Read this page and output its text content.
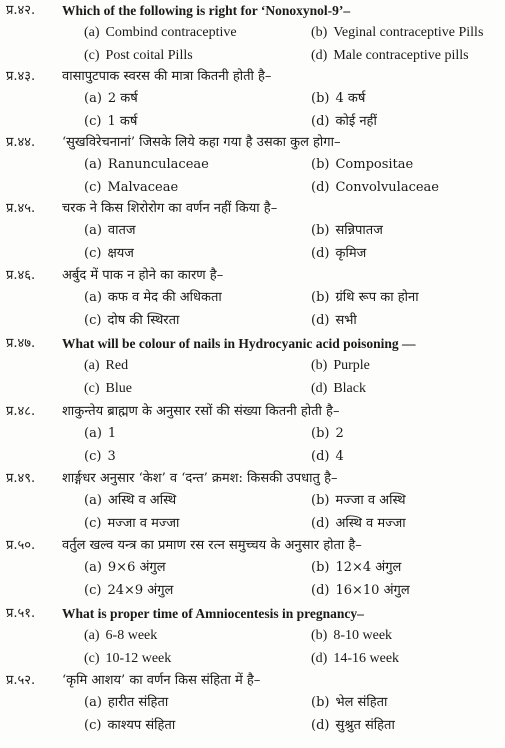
प्र.४२. Which of the following is right for ‘Nonoxynol-9’–
(a) Combind contraceptive	(b) Veginal contraceptive Pills
(c) Post coital Pills	(d) Male contraceptive pills
प्र.४३. वासापुटपाक स्वरस की मात्रा कितनी होती है–
(a) 2 कर्ष	(b) 4 कर्ष
(c) 1 कर्ष	(d) कोई नहीं
प्र.४४. ‘सुखविरेचनानां’ जिसके लिये कहा गया है उसका कुल होगा–
(a) Ranunculaceae	(b) Compositae
(c) Malvaceae	(d) Convolvulaceae
प्र.४५. चरक ने किस शिरोरोग का वर्णन नहीं किया है–
(a) वातज	(b) सन्निपातज
(c) क्षयज	(d) कृमिज
प्र.४६. अर्बुद में पाक न होने का कारण है–
(a) कफ व मेद की अधिकता	(b) ग्रंथि रूप का होना
(c) दोष की स्थिरता	(d) सभी
प्र.४७. What will be colour of nails in Hydrocyanic acid poisoning —
(a) Red	(b) Purple
(c) Blue	(d) Black
प्र.४८. शाकुन्तेय ब्राह्मण के अनुसार रसों की संख्या कितनी होती है–
(a) 1	(b) 2
(c) 3	(d) 4
प्र.४९. शार्ङ्गधर अनुसार ‘केश’ व ‘दन्त’ क्रमश: किसकी उपधातु है–
(a) अस्थि व अस्थि	(b) मज्जा व अस्थि
(c) मज्जा व मज्जा	(d) अस्थि व मज्जा
प्र.५०. वर्तुल खल्व यन्त्र का प्रमाण रस रत्न समुच्चय के अनुसार होता है–
(a) 9×6 अंगुल	(b) 12×4 अंगुल
(c) 24×9 अंगुल	(d) 16×10 अंगुल
प्र.५१. What is proper time of Amniocentesis in pregnancy–
(a) 6-8 week	(b) 8-10 week
(c) 10-12 week	(d) 14-16 week
प्र.५२. ‘कृमि आशय’ का वर्णन किस संहिता में है–
(a) हारीत संहिता	(b) भेल संहिता
(c) काश्यप संहिता	(d) सुश्रुत संहिता
